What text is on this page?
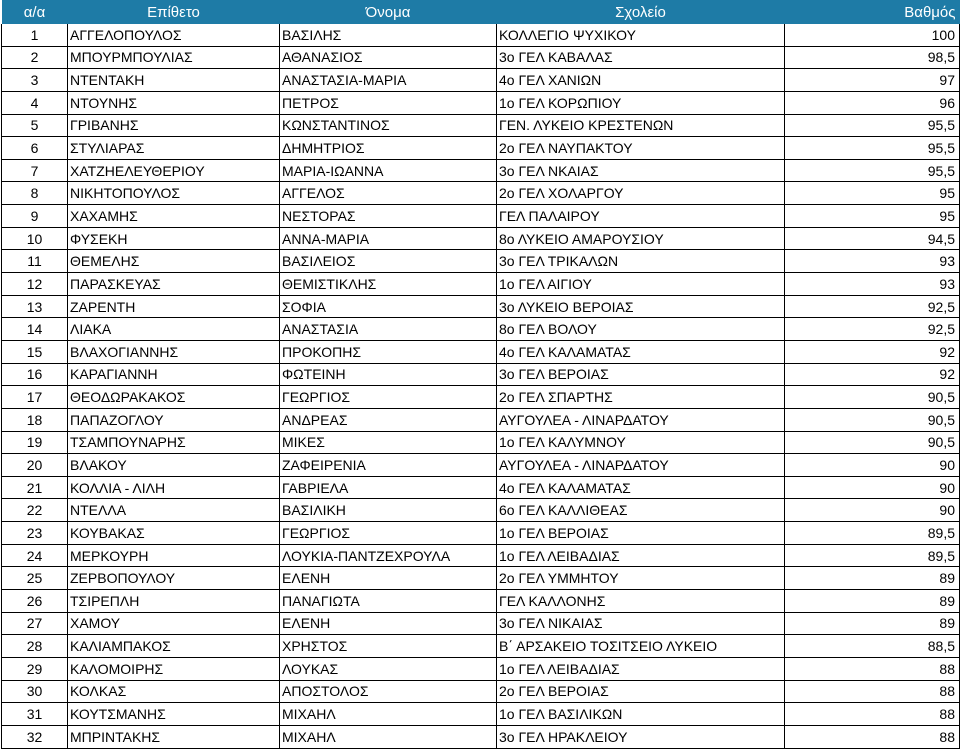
α/α	Επίθετο	Όνομα	Σχολείο	Βαθμός
1	ΑΓΓΕΛΟΠΟΥΛΟΣ	ΒΑΣΙΛΗΣ	ΚΟΛΛΕΓΙΟ ΨΥΧΙΚΟΥ	100
2	ΜΠΟΥΡΜΠΟΥΛΙΑΣ	ΑΘΑΝΑΣΙΟΣ	3ο ΓΕΛ ΚΑΒΑΛΑΣ	98,5
3	ΝΤΕΝΤΑΚΗ	ΑΝΑΣΤΑΣΙΑ-ΜΑΡΙΑ	4ο ΓΕΛ ΧΑΝΙΩΝ	97
4	ΝΤΟΥΝΗΣ	ΠΕΤΡΟΣ	1ο ΓΕΛ ΚΟΡΩΠΙΟΥ	96
5	ΓΡΙΒΑΝΗΣ	ΚΩΝΣΤΑΝΤΙΝΟΣ	ΓΕΝ. ΛΥΚΕΙΟ ΚΡΕΣΤΕΝΩΝ	95,5
6	ΣΤΥΛΙΑΡΑΣ	ΔΗΜΗΤΡΙΟΣ	2ο ΓΕΛ ΝΑΥΠΑΚΤΟΥ	95,5
7	ΧΑΤΖΗΕΛΕΥΘΕΡΙΟΥ	ΜΑΡΙΑ-ΙΩΑΝΝΑ	3ο ΓΕΛ ΝΚΑΙΑΣ	95,5
8	ΝΙΚΗΤΟΠΟΥΛΟΣ	ΑΓΓΕΛΟΣ	2ο ΓΕΛ ΧΟΛΑΡΓΟΥ	95
9	ΧΑΧΑΜΗΣ	ΝΕΣΤΟΡΑΣ	ΓΕΛ ΠΑΛΑΙΡΟΥ	95
10	ΦΥΣΕΚΗ	ΑΝΝΑ-ΜΑΡΙΑ	8ο ΛΥΚΕΙΟ ΑΜΑΡΟΥΣΙΟΥ	94,5
11	ΘΕΜΕΛΗΣ	ΒΑΣΙΛΕΙΟΣ	3ο ΓΕΛ ΤΡΙΚΑΛΩΝ	93
12	ΠΑΡΑΣΚΕΥΑΣ	ΘΕΜΙΣΤΙΚΛΗΣ	1ο ΓΕΛ ΑΙΓΙΟΥ	93
13	ΖΑΡΕΝΤΗ	ΣΟΦΙΑ	3ο ΛΥΚΕΙΟ ΒΕΡΟΙΑΣ	92,5
14	ΛΙΑΚΑ	ΑΝΑΣΤΑΣΙΑ	8ο ΓΕΛ ΒΟΛΟΥ	92,5
15	ΒΛΑΧΟΓΙΑΝΝΗΣ	ΠΡΟΚΟΠΗΣ	4ο ΓΕΛ ΚΑΛΑΜΑΤΑΣ	92
16	ΚΑΡΑΓΙΑΝΝΗ	ΦΩΤΕΙΝΗ	3ο ΓΕΛ ΒΕΡΟΙΑΣ	92
17	ΘΕΟΔΩΡΑΚΑΚΟΣ	ΓΕΩΡΓΙΟΣ	2ο ΓΕΛ ΣΠΑΡΤΗΣ	90,5
18	ΠΑΠΑΖΟΓΛΟΥ	ΑΝΔΡΕΑΣ	ΑΥΓΟΥΛΕΑ - ΛΙΝΑΡΔΑΤΟΥ	90,5
19	ΤΣΑΜΠΟΥΝΑΡΗΣ	ΜΙΚΕΣ	1ο ΓΕΛ ΚΑΛΥΜΝΟΥ	90,5
20	ΒΛΑΚΟΥ	ΖΑΦΕΙΡΕΝΙΑ	ΑΥΓΟΥΛΕΑ - ΛΙΝΑΡΔΑΤΟΥ	90
21	ΚΟΛΛΙΑ - ΛΙΛΗ	ΓΑΒΡΙΕΛΑ	4ο ΓΕΛ ΚΑΛΑΜΑΤΑΣ	90
22	ΝΤΕΛΛΑ	ΒΑΣΙΛΙΚΗ	6ο ΓΕΛ ΚΑΛΛΙΘΕΑΣ	90
23	ΚΟΥΒΑΚΑΣ	ΓΕΩΡΓΙΟΣ	1ο ΓΕΛ ΒΕΡΟΙΑΣ	89,5
24	ΜΕΡΚΟΥΡΗ	ΛΟΥΚΙΑ-ΠΑΝΤΖΕΧΡΟΥΛΑ	1ο ΓΕΛ ΛΕΙΒΑΔΙΑΣ	89,5
25	ΖΕΡΒΟΠΟΥΛΟΥ	ΕΛΕΝΗ	2ο ΓΕΛ ΥΜΜΗΤΟΥ	89
26	ΤΣΙΡΕΠΛΗ	ΠΑΝΑΓΙΩΤΑ	ΓΕΛ ΚΑΛΛΟΝΗΣ	89
27	ΧΑΜΟΥ	ΕΛΕΝΗ	3ο ΓΕΛ ΝΙΚΑΙΑΣ	89
28	ΚΑΛΙΑΜΠΑΚΟΣ	ΧΡΗΣΤΟΣ	Β΄ ΑΡΣΑΚΕΙΟ ΤΟΣΙΤΣΕΙΟ ΛΥΚΕΙΟ	88,5
29	ΚΑΛΟΜΟΙΡΗΣ	ΛΟΥΚΑΣ	1ο ΓΕΛ ΛΕΙΒΑΔΙΑΣ	88
30	ΚΟΛΚΑΣ	ΑΠΟΣΤΟΛΟΣ	2ο ΓΕΛ ΒΕΡΟΙΑΣ	88
31	ΚΟΥΤΣΜΑΝΗΣ	ΜΙΧΑΗΛ	1ο ΓΕΛ ΒΑΣΙΛΙΚΩΝ	88
32	ΜΠΡΙΝΤΑΚΗΣ	ΜΙΧΑΗΛ	3ο ΓΕΛ ΗΡΑΚΛΕΙΟΥ	88
